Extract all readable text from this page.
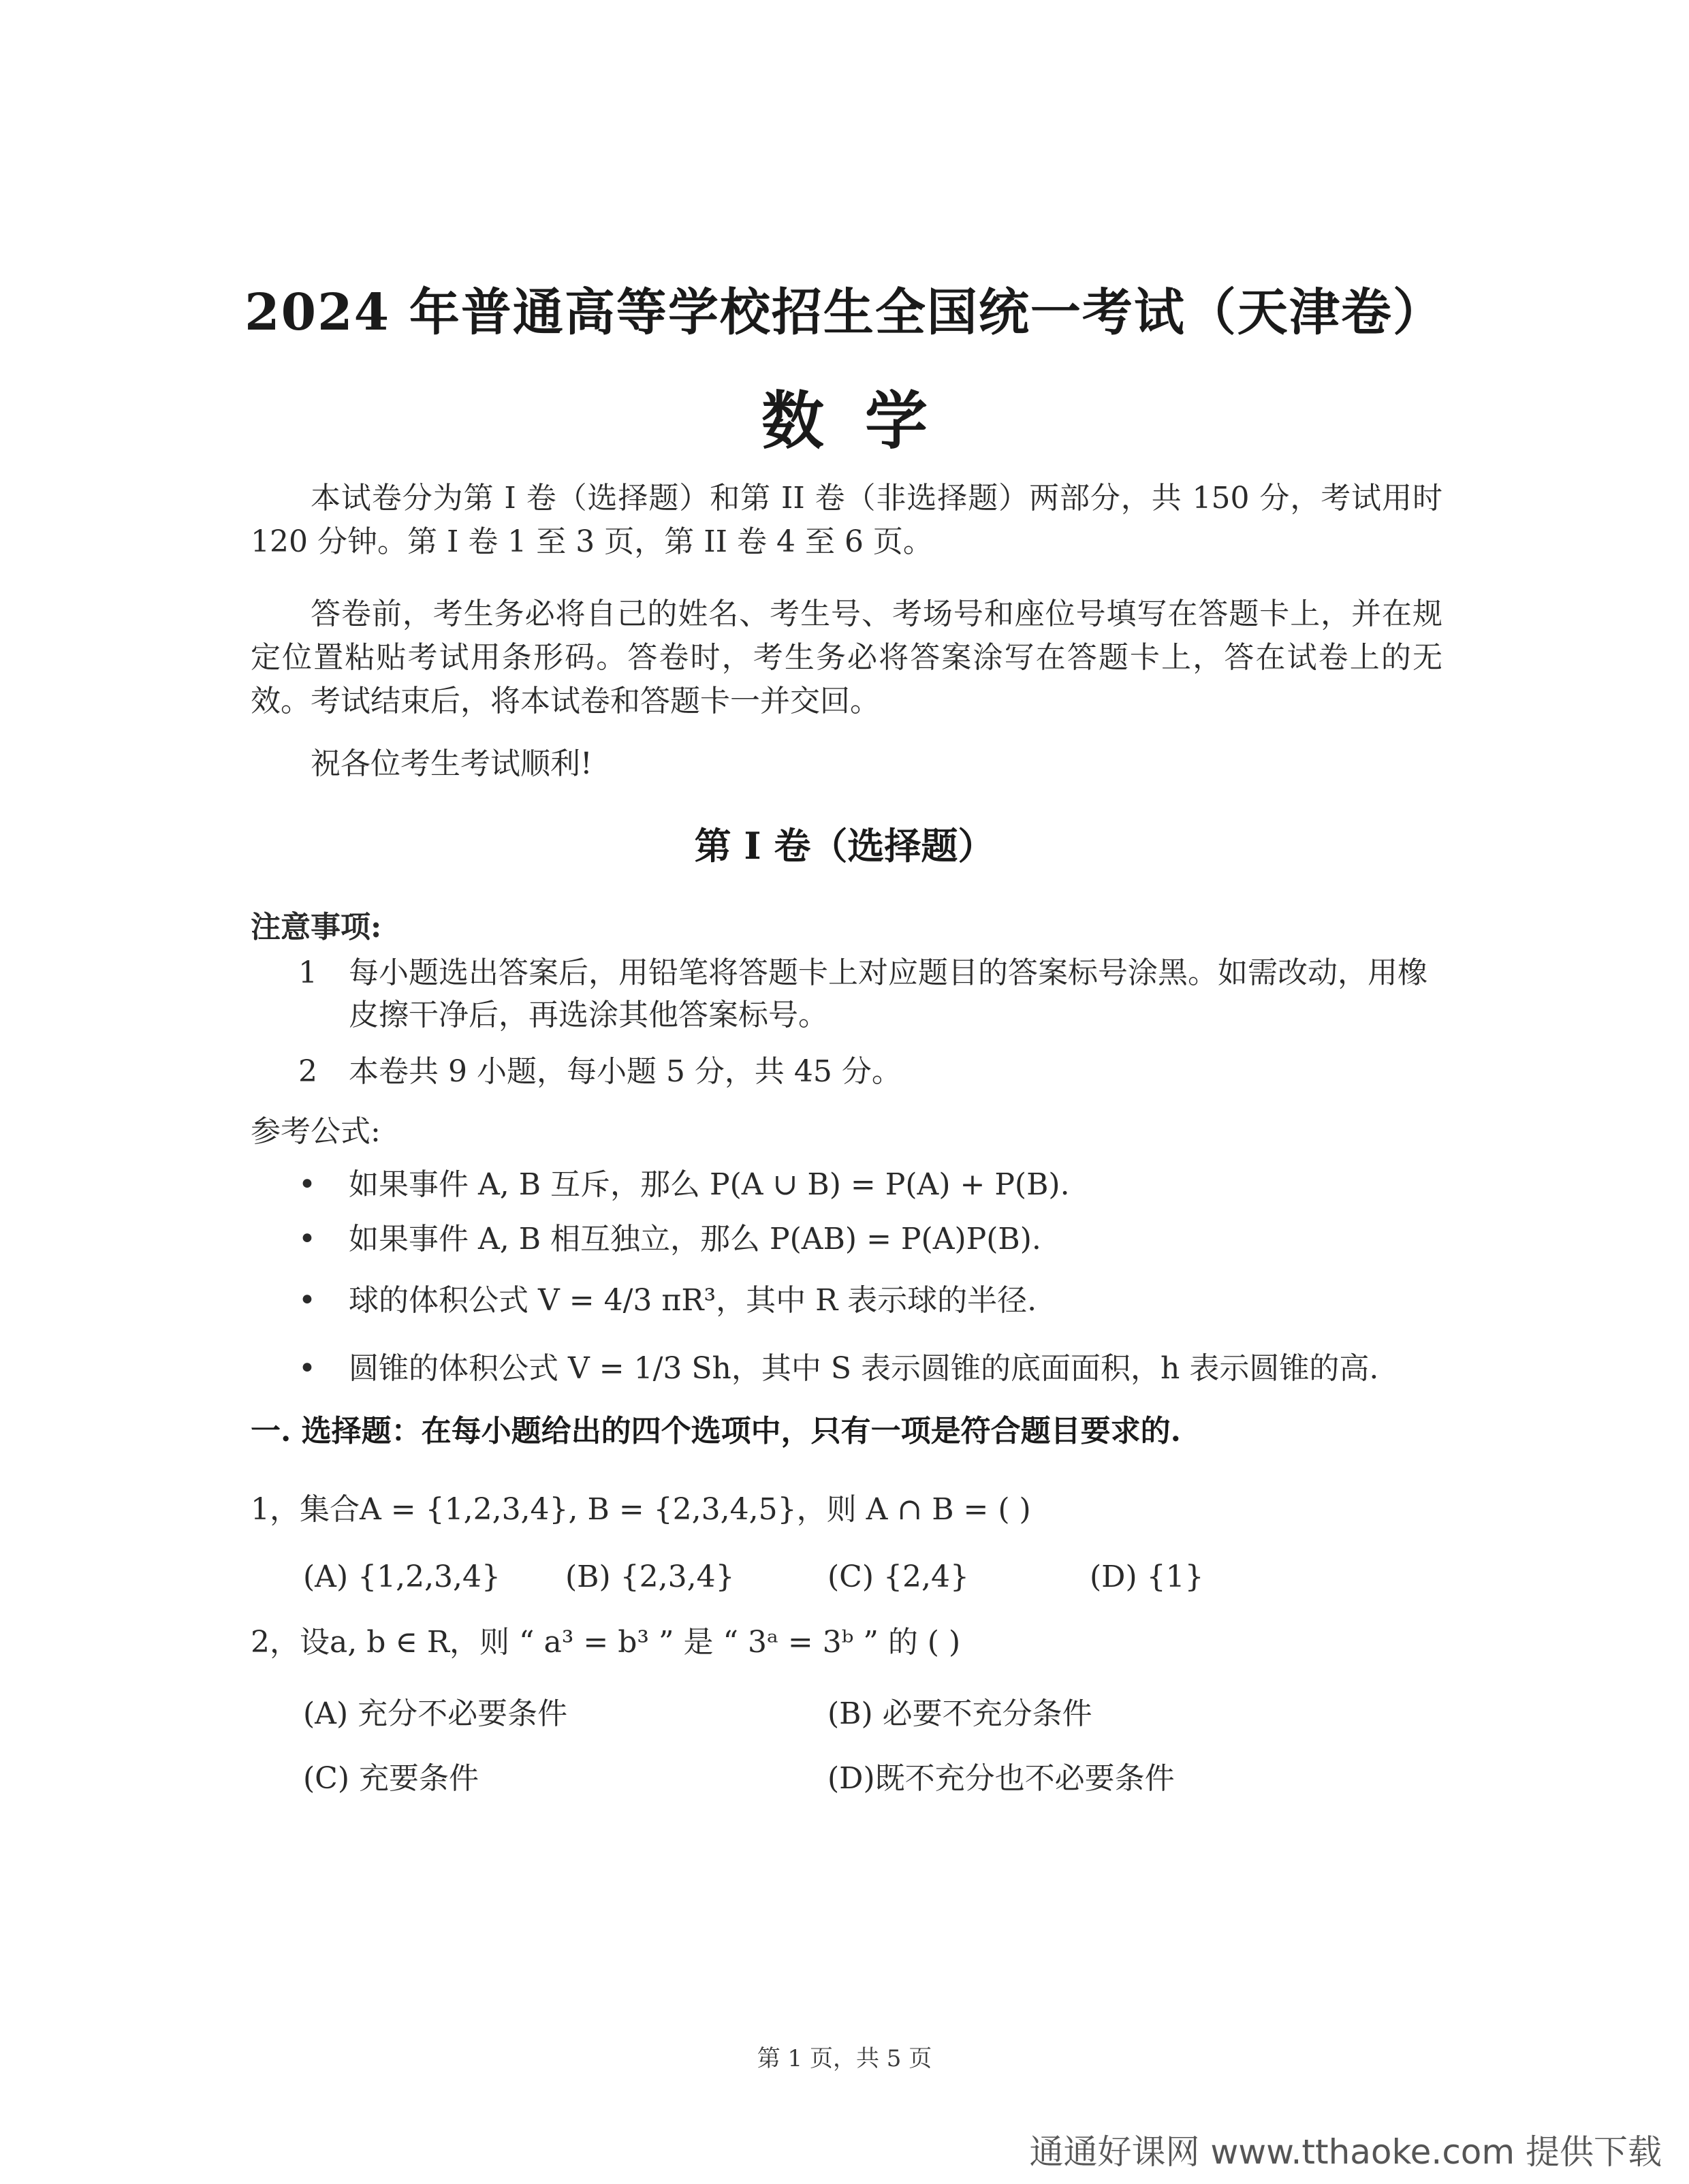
2024 年普通高等学校招生全国统一考试（天津卷）
数学
本试卷分为第 I 卷（选择题）和第 II 卷（非选择题）两部分，共 150 分，考试用时 120 分钟。第 I 卷 1 至 3 页，第 II 卷 4 至 6 页。
答卷前，考生务必将自己的姓名、考生号、考场号和座位号填写在答题卡上，并在规定位置粘贴考试用条形码。答卷时，考生务必将答案涂写在答题卡上，答在试卷上的无效。考试结束后，将本试卷和答题卡一并交回。
祝各位考生考试顺利!
第 I 卷（选择题）
注意事项:
1	每小题选出答案后，用铅笔将答题卡上对应题目的答案标号涂黑。如需改动，用橡皮擦干净后，再选涂其他答案标号。
2	本卷共 9 小题，每小题 5 分，共 45 分。
参考公式:
•	如果事件 A, B 互斥，那么 P(A ∪ B) = P(A) + P(B).
•	如果事件 A, B 相互独立，那么 P(AB) = P(A)P(B).
•	球的体积公式 V = 4/3 πR³，其中 R 表示球的半径.
•	圆锥的体积公式 V = 1/3 Sh，其中 S 表示圆锥的底面面积，h 表示圆锥的高.
一. 选择题：在每小题给出的四个选项中，只有一项是符合题目要求的.
1，集合A = {1,2,3,4}, B = {2,3,4,5}，则 A ∩ B = ( )
(A) {1,2,3,4} (B) {2,3,4}	(C) {2,4}	(D) {1}
2，设a, b ∈ R，则 “ a³ = b³ ” 是 “ 3ᵃ = 3ᵇ ” 的 ( )
(A) 充分不必要条件	(B) 必要不充分条件
(C) 充要条件	(D)既不充分也不必要条件
第 1 页，共 5 页
通通好课网 www.tthaoke.com 提供下载
